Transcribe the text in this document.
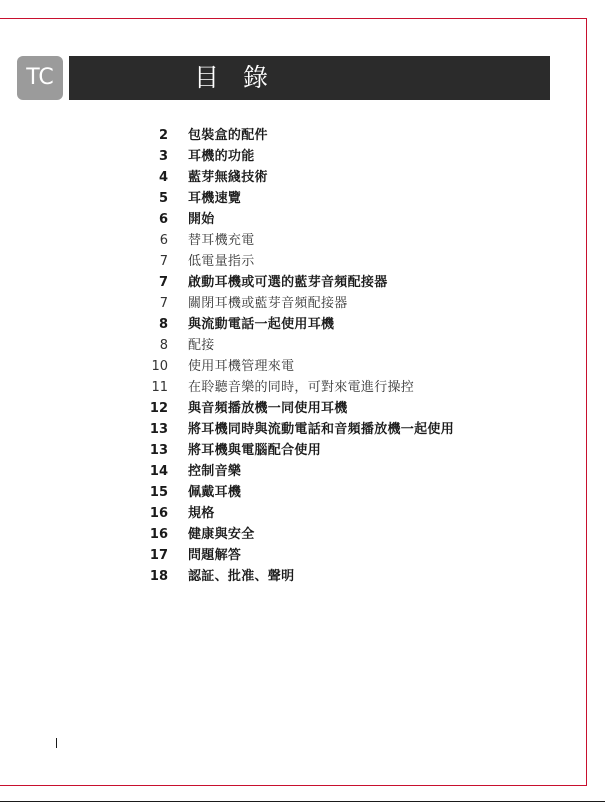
TC	目 錄
2	包裝盒的配件
3	耳機的功能
4	藍芽無綫技術
5	耳機速覽
6	開始
6	替耳機充電
7	低電量指示
7	啟動耳機或可選的藍芽音頻配接器
7	關閉耳機或藍芽音頻配接器
8	與流動電話一起使用耳機
8	配接
10	使用耳機管理來電
11	在聆聽音樂的同時，可對來電進行操控
12	與音頻播放機一同使用耳機
13	將耳機同時與流動電話和音頻播放機一起使用
13	將耳機與電腦配合使用
14	控制音樂
15	佩戴耳機
16	規格
16	健康與安全
17	問題解答
18	認証、批准、聲明
